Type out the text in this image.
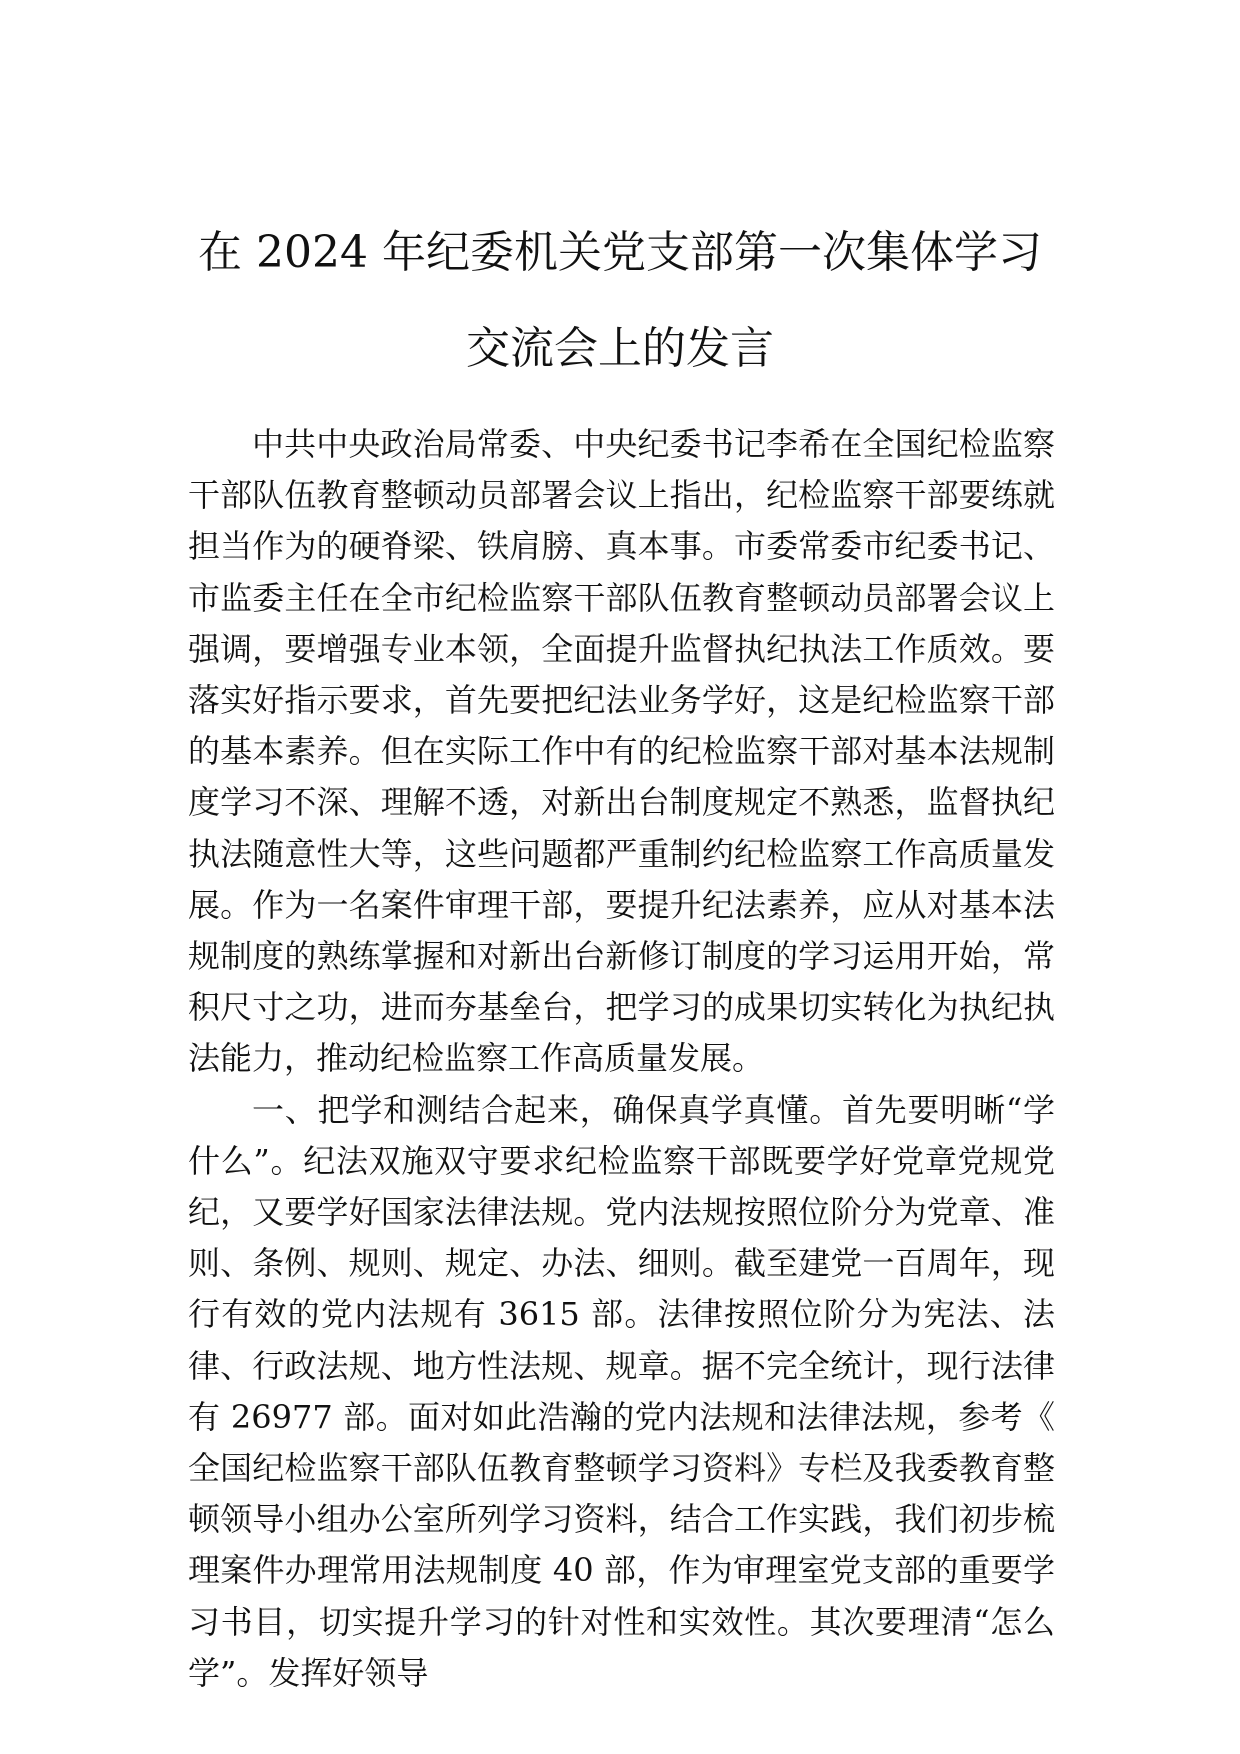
在 2024 年纪委机关党支部第一次集体学习
交流会上的发言

中共中央政治局常委、中央纪委书记李希在全国纪检监察干部队伍教育整顿动员部署会议上指出，纪检监察干部要练就担当作为的硬脊梁、铁肩膀、真本事。市委常委市纪委书记、市监委主任在全市纪检监察干部队伍教育整顿动员部署会议上强调，要增强专业本领，全面提升监督执纪执法工作质效。要落实好指示要求，首先要把纪法业务学好，这是纪检监察干部的基本素养。但在实际工作中有的纪检监察干部对基本法规制度学习不深、理解不透，对新出台制度规定不熟悉，监督执纪执法随意性大等，这些问题都严重制约纪检监察工作高质量发展。作为一名案件审理干部，要提升纪法素养，应从对基本法规制度的熟练掌握和对新出台新修订制度的学习运用开始，常积尺寸之功，进而夯基垒台，把学习的成果切实转化为执纪执法能力，推动纪检监察工作高质量发展。

一、把学和测结合起来，确保真学真懂。首先要明晰“学什么”。纪法双施双守要求纪检监察干部既要学好党章党规党纪，又要学好国家法律法规。党内法规按照位阶分为党章、准则、条例、规则、规定、办法、细则。截至建党一百周年，现行有效的党内法规有 3615 部。法律按照位阶分为宪法、法律、行政法规、地方性法规、规章。据不完全统计，现行法律有 26977 部。面对如此浩瀚的党内法规和法律法规，参考《全国纪检监察干部队伍教育整顿学习资料》专栏及我委教育整顿领导小组办公室所列学习资料，结合工作实践，我们初步梳理案件办理常用法规制度 40 部，作为审理室党支部的重要学习书目，切实提升学习的针对性和实效性。其次要理清“怎么学”。发挥好领导
